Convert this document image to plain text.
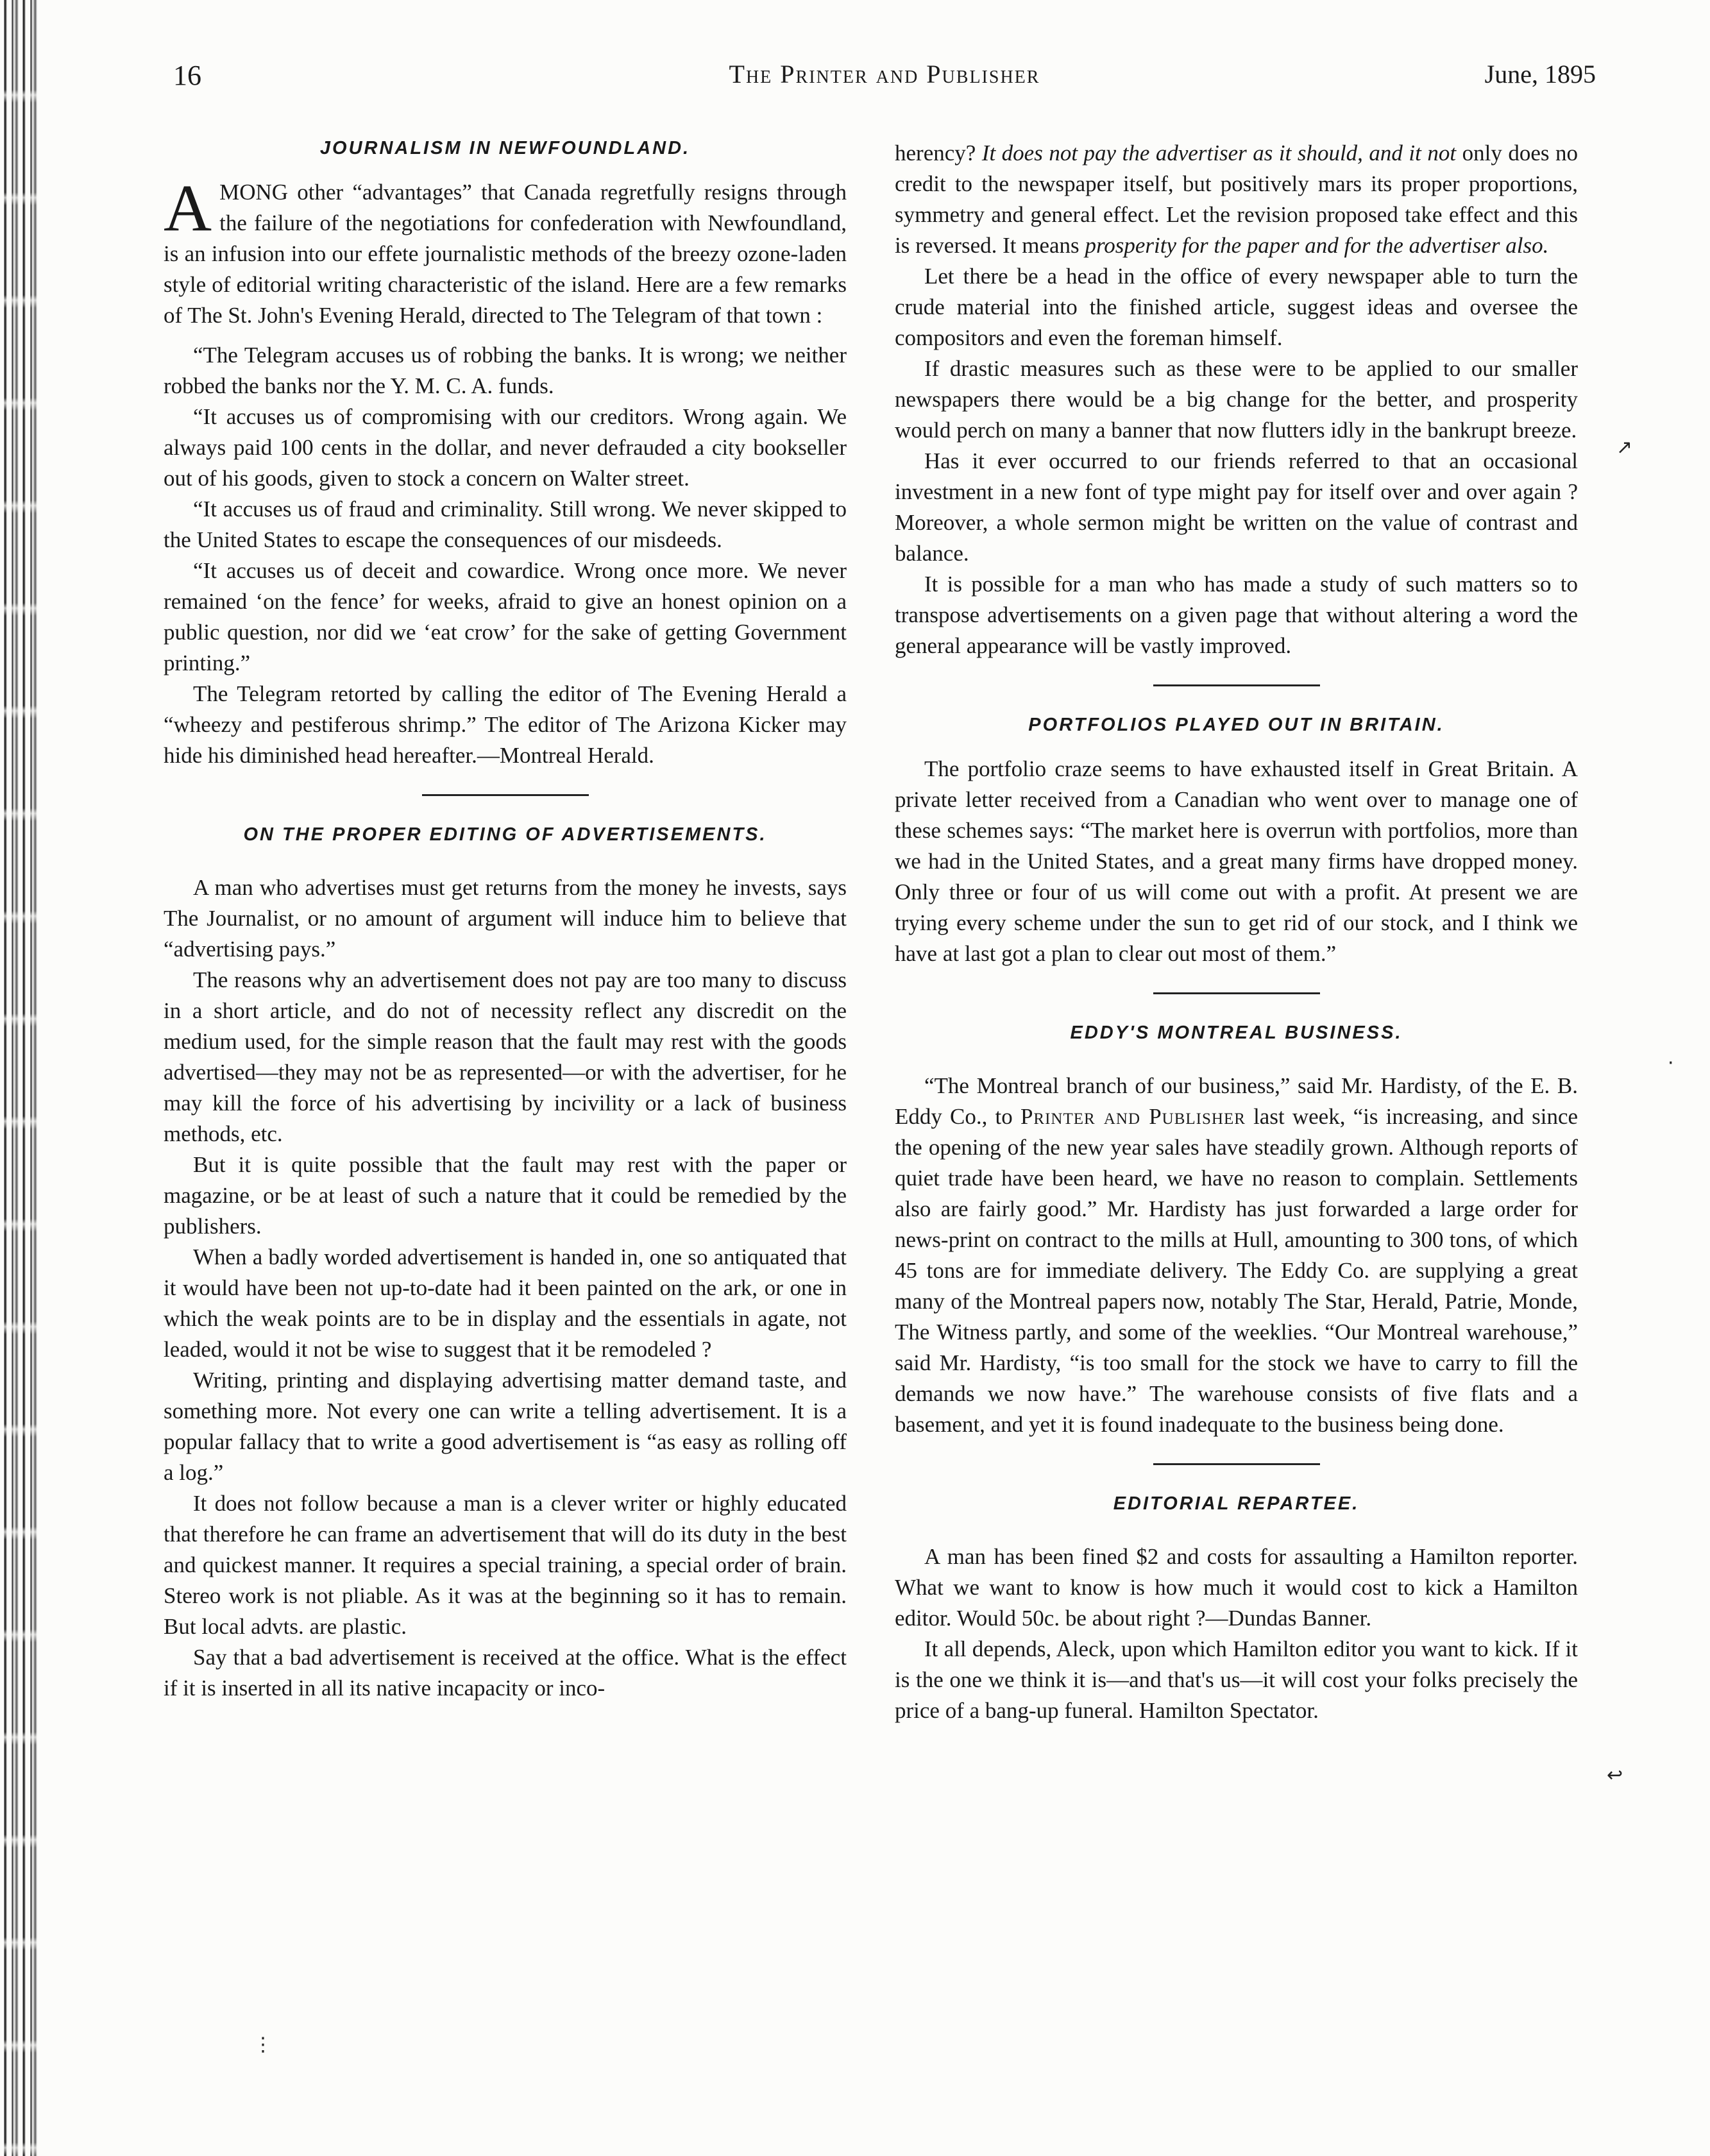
16	The Printer and Publisher	June, 1895
JOURNALISM IN NEWFOUNDLAND.

AMONG other “advantages” that Canada regretfully resigns through the failure of the negotiations for confederation with Newfoundland, is an infusion into our effete journalistic methods of the breezy ozone-laden style of editorial writing characteristic of the island. Here are a few remarks of The St. John's Evening Herald, directed to The Telegram of that town :

“The Telegram accuses us of robbing the banks. It is wrong; we neither robbed the banks nor the Y. M. C. A. funds.

“It accuses us of compromising with our creditors. Wrong again. We always paid 100 cents in the dollar, and never defrauded a city bookseller out of his goods, given to stock a concern on Walter street.

“It accuses us of fraud and criminality. Still wrong. We never skipped to the United States to escape the consequences of our misdeeds.

“It accuses us of deceit and cowardice. Wrong once more. We never remained ‘on the fence’ for weeks, afraid to give an honest opinion on a public question, nor did we ‘eat crow’ for the sake of getting Government printing.”

The Telegram retorted by calling the editor of The Evening Herald a “wheezy and pestiferous shrimp.” The editor of The Arizona Kicker may hide his diminished head hereafter.—Montreal Herald.

ON THE PROPER EDITING OF ADVERTISEMENTS.

A man who advertises must get returns from the money he invests, says The Journalist, or no amount of argument will induce him to believe that “advertising pays.”

The reasons why an advertisement does not pay are too many to discuss in a short article, and do not of necessity reflect any discredit on the medium used, for the simple reason that the fault may rest with the goods advertised—they may not be as represented—or with the advertiser, for he may kill the force of his advertising by incivility or a lack of business methods, etc.

But it is quite possible that the fault may rest with the paper or magazine, or be at least of such a nature that it could be remedied by the publishers.

When a badly worded advertisement is handed in, one so antiquated that it would have been not up-to-date had it been painted on the ark, or one in which the weak points are to be in display and the essentials in agate, not leaded, would it not be wise to suggest that it be remodeled ?

Writing, printing and displaying advertising matter demand taste, and something more. Not every one can write a telling advertisement. It is a popular fallacy that to write a good advertisement is “as easy as rolling off a log.”

It does not follow because a man is a clever writer or highly educated that therefore he can frame an advertisement that will do its duty in the best and quickest manner. It requires a special training, a special order of brain. Stereo work is not pliable. As it was at the beginning so it has to remain. But local advts. are plastic.

Say that a bad advertisement is received at the office. What is the effect if it is inserted in all its native incapacity or inco-

herency? It does not pay the advertiser as it should, and it not only does no credit to the newspaper itself, but positively mars its proper proportions, symmetry and general effect. Let the revision proposed take effect and this is reversed. It means prosperity for the paper and for the advertiser also.

Let there be a head in the office of every newspaper able to turn the crude material into the finished article, suggest ideas and oversee the compositors and even the foreman himself.

If drastic measures such as these were to be applied to our smaller newspapers there would be a big change for the better, and prosperity would perch on many a banner that now flutters idly in the bankrupt breeze.

Has it ever occurred to our friends referred to that an occasional investment in a new font of type might pay for itself over and over again ? Moreover, a whole sermon might be written on the value of contrast and balance.

It is possible for a man who has made a study of such matters so to transpose advertisements on a given page that without altering a word the general appearance will be vastly improved.

PORTFOLIOS PLAYED OUT IN BRITAIN.

The portfolio craze seems to have exhausted itself in Great Britain. A private letter received from a Canadian who went over to manage one of these schemes says: “The market here is overrun with portfolios, more than we had in the United States, and a great many firms have dropped money. Only three or four of us will come out with a profit. At present we are trying every scheme under the sun to get rid of our stock, and I think we have at last got a plan to clear out most of them.”

EDDY'S MONTREAL BUSINESS.

“The Montreal branch of our business,” said Mr. Hardisty, of the E. B. Eddy Co., to Printer and Publisher last week, “is increasing, and since the opening of the new year sales have steadily grown. Although reports of quiet trade have been heard, we have no reason to complain. Settlements also are fairly good.” Mr. Hardisty has just forwarded a large order for news-print on contract to the mills at Hull, amounting to 300 tons, of which 45 tons are for immediate delivery. The Eddy Co. are supplying a great many of the Montreal papers now, notably The Star, Herald, Patrie, Monde, The Witness partly, and some of the weeklies. “Our Montreal warehouse,” said Mr. Hardisty, “is too small for the stock we have to carry to fill the demands we now have.” The warehouse consists of five flats and a basement, and yet it is found inadequate to the business being done.

EDITORIAL REPARTEE.

A man has been fined $2 and costs for assaulting a Hamilton reporter. What we want to know is how much it would cost to kick a Hamilton editor. Would 50c. be about right ?—Dundas Banner.

It all depends, Aleck, upon which Hamilton editor you want to kick. If it is the one we think it is—and that's us—it will cost your folks precisely the price of a bang-up funeral. Hamilton Spectator.

↗
↩
·
⋮
